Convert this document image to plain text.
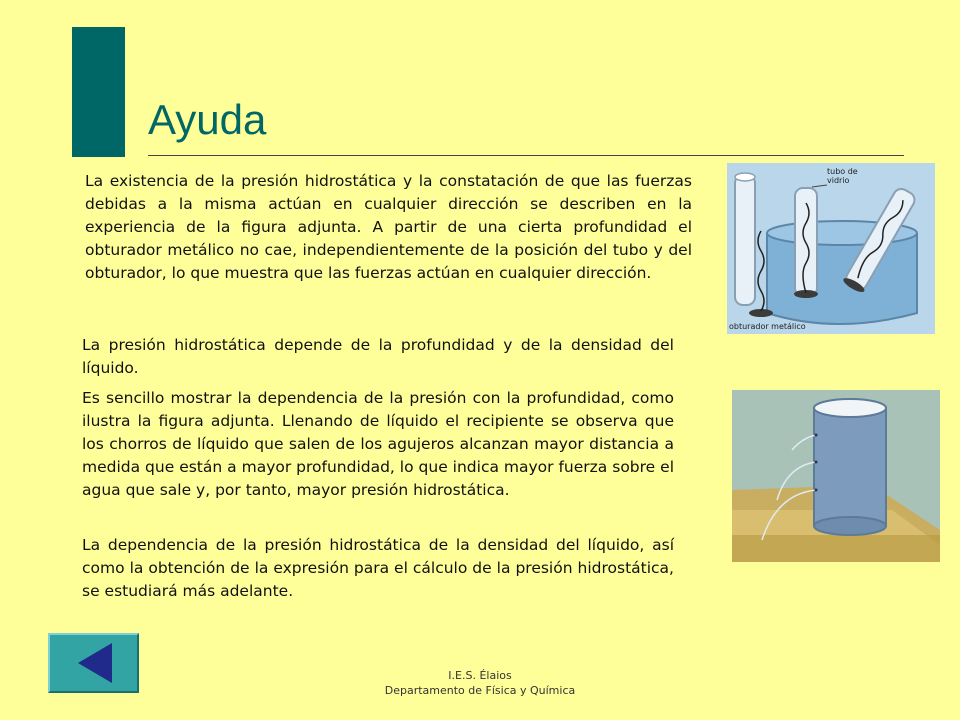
Ayuda

La existencia de la presión hidrostática y la constatación de que las fuerzas debidas a la misma actúan en cualquier dirección se describen en la experiencia de la figura adjunta. A partir de una cierta profundidad el obturador metálico no cae, independientemente de la posición del tubo y del obturador, lo que muestra que las fuerzas actúan en cualquier dirección.

tubo de
vidrio
obturador metálico

La presión hidrostática depende de la profundidad y de la densidad del líquido.

Es sencillo mostrar la dependencia de la presión con la profundidad, como ilustra la figura adjunta. Llenando de líquido el recipiente se observa que los chorros de líquido que salen de los agujeros alcanzan mayor distancia a medida que están a mayor profundidad, lo que indica mayor fuerza sobre el agua que sale y, por tanto, mayor presión hidrostática.

La dependencia de la presión hidrostática de la densidad del líquido, así como la obtención de la expresión para el cálculo de la presión hidrostática, se estudiará más adelante.

I.E.S. Élaios
Departamento de Física y Química
